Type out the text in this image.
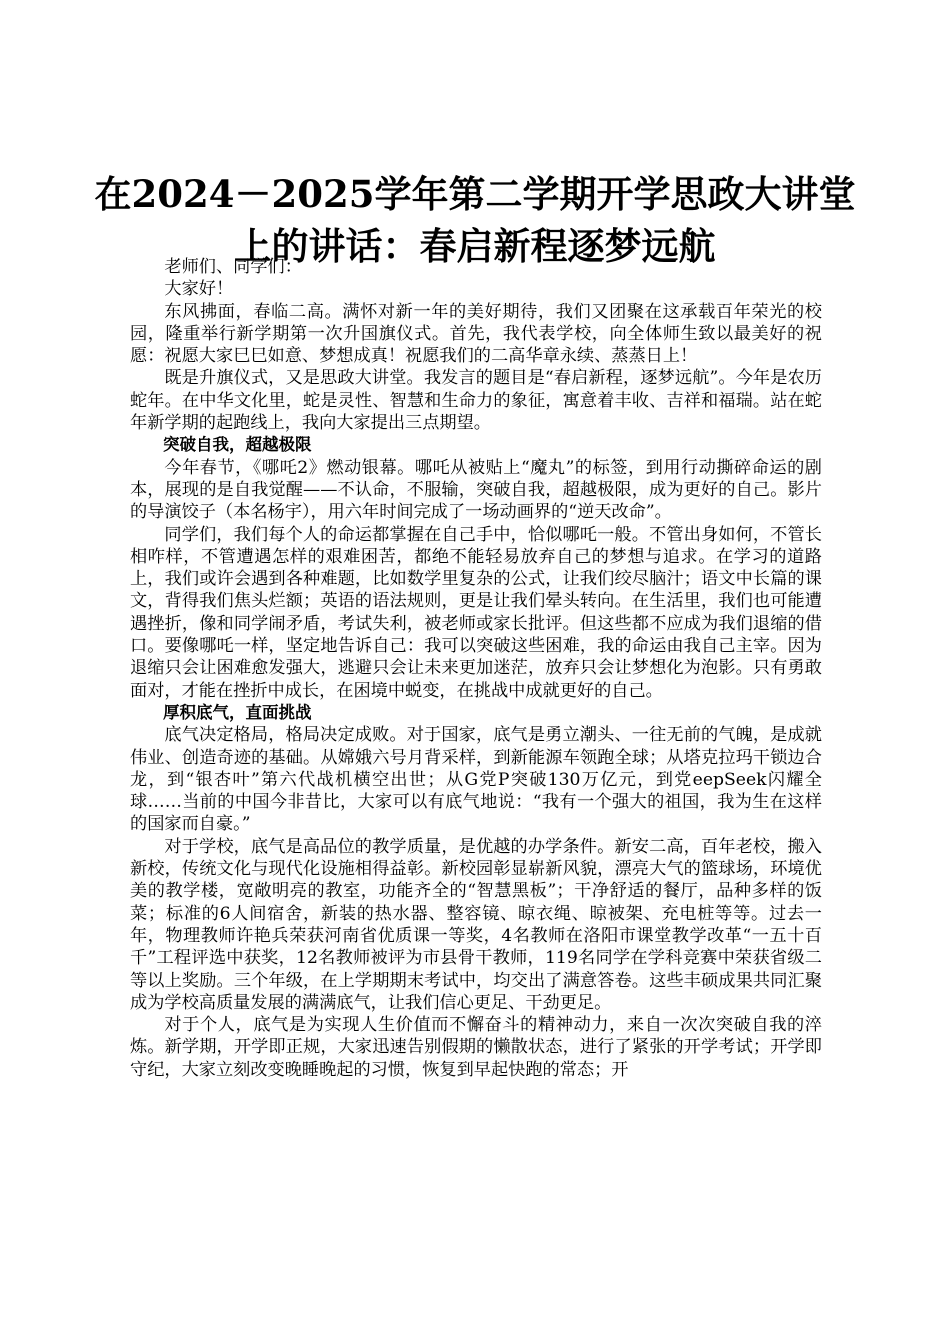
在2024－2025学年第二学期开学思政大讲堂
上的讲话：春启新程逐梦远航

老师们、同学们：

大家好！

东风拂面，春临二高。满怀对新一年的美好期待，我们又团聚在这承载百年荣光的校园，隆重举行新学期第一次升国旗仪式。首先，我代表学校，向全体师生致以最美好的祝愿：祝愿大家巳巳如意、梦想成真！祝愿我们的二高华章永续、蒸蒸日上！

既是升旗仪式，又是思政大讲堂。我发言的题目是“春启新程，逐梦远航”。今年是农历蛇年。在中华文化里，蛇是灵性、智慧和生命力的象征，寓意着丰收、吉祥和福瑞。站在蛇年新学期的起跑线上，我向大家提出三点期望。

突破自我，超越极限

今年春节，《哪吒2》燃动银幕。哪吒从被贴上“魔丸”的标签，到用行动撕碎命运的剧本，展现的是自我觉醒——不认命，不服输，突破自我，超越极限，成为更好的自己。影片的导演饺子（本名杨宇），用六年时间完成了一场动画界的“逆天改命”。

同学们，我们每个人的命运都掌握在自己手中，恰似哪吒一般。不管出身如何，不管长相咋样，不管遭遇怎样的艰难困苦，都绝不能轻易放弃自己的梦想与追求。在学习的道路上，我们或许会遇到各种难题，比如数学里复杂的公式，让我们绞尽脑汁；语文中长篇的课文，背得我们焦头烂额；英语的语法规则，更是让我们晕头转向。在生活里，我们也可能遭遇挫折，像和同学闹矛盾，考试失利，被老师或家长批评。但这些都不应成为我们退缩的借口。要像哪吒一样，坚定地告诉自己：我可以突破这些困难，我的命运由我自己主宰。因为退缩只会让困难愈发强大，逃避只会让未来更加迷茫，放弃只会让梦想化为泡影。只有勇敢面对，才能在挫折中成长，在困境中蜕变，在挑战中成就更好的自己。

厚积底气，直面挑战

底气决定格局，格局决定成败。对于国家，底气是勇立潮头、一往无前的气魄，是成就伟业、创造奇迹的基础。从嫦娥六号月背采样，到新能源车领跑全球；从塔克拉玛干锁边合龙，到“银杏叶”第六代战机横空出世；从G党P突破130万亿元，到党eepSeek闪耀全球……当前的中国今非昔比，大家可以有底气地说：“我有一个强大的祖国，我为生在这样的国家而自豪。”

对于学校，底气是高品位的教学质量，是优越的办学条件。新安二高，百年老校，搬入新校，传统文化与现代化设施相得益彰。新校园彰显崭新风貌，漂亮大气的篮球场，环境优美的教学楼，宽敞明亮的教室，功能齐全的“智慧黑板”；干净舒适的餐厅，品种多样的饭菜；标准的6人间宿舍，新装的热水器、整容镜、晾衣绳、晾被架、充电桩等等。过去一年，物理教师许艳兵荣获河南省优质课一等奖，4名教师在洛阳市课堂教学改革“一五十百千”工程评选中获奖，12名教师被评为市县骨干教师，119名同学在学科竞赛中荣获省级二等以上奖励。三个年级，在上学期期末考试中，均交出了满意答卷。这些丰硕成果共同汇聚成为学校高质量发展的满满底气，让我们信心更足、干劲更足。

对于个人，底气是为实现人生价值而不懈奋斗的精神动力，来自一次次突破自我的淬炼。新学期，开学即正规，大家迅速告别假期的懒散状态，进行了紧张的开学考试；开学即守纪，大家立刻改变晚睡晚起的习惯，恢复到早起快跑的常态；开
